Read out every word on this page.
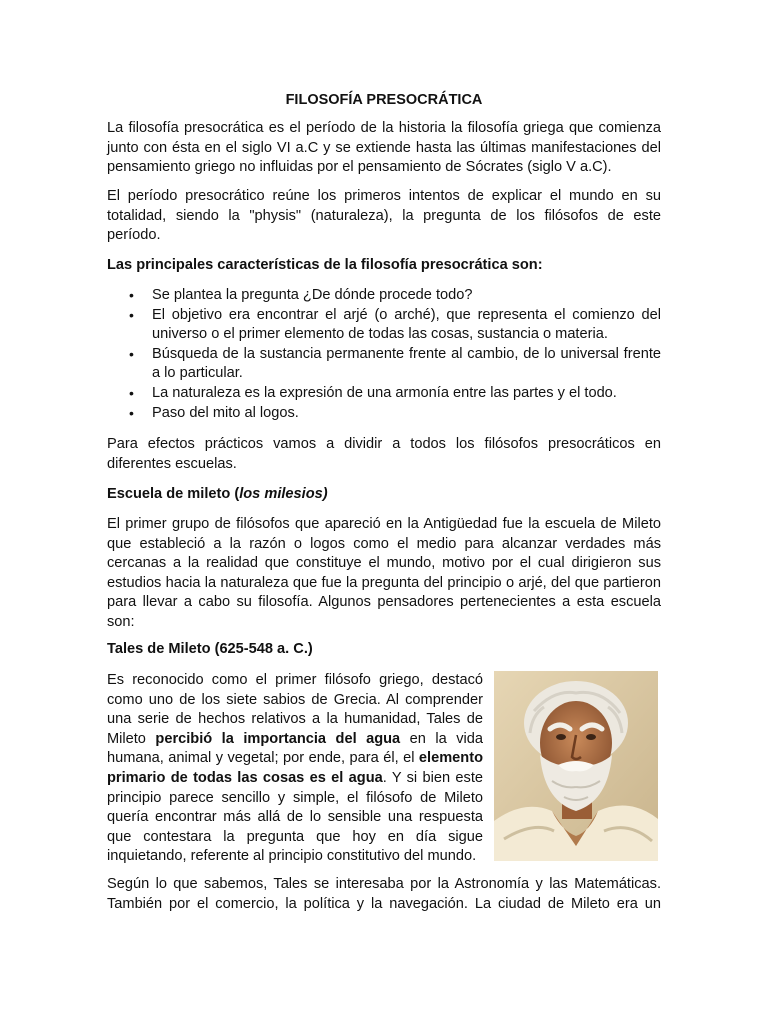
FILOSOFÍA PRESOCRÁTICA
La filosofía presocrática es el período de la historia la filosofía griega que comienza
junto con ésta en el siglo VI a.C y se extiende hasta las últimas manifestaciones del
pensamiento griego no influidas por el pensamiento de Sócrates (siglo V a.C).
El período presocrático reúne los primeros intentos de explicar el mundo en su
totalidad, siendo la "physis" (naturaleza), la pregunta de los filósofos de este
período.
Las principales características de la filosofía presocrática son:
• Se plantea la pregunta ¿De dónde procede todo?
• El objetivo era encontrar el arjé (o arché), que representa el comienzo del
universo o el primer elemento de todas las cosas, sustancia o materia.
• Búsqueda de la sustancia permanente frente al cambio, de lo universal frente
a lo particular.
• La naturaleza es la expresión de una armonía entre las partes y el todo.
• Paso del mito al logos.
Para efectos prácticos vamos a dividir a todos los filósofos presocráticos en
diferentes escuelas.
Escuela de mileto (los milesios)
El primer grupo de filósofos que apareció en la Antigüedad fue la escuela de Mileto
que estableció a la razón o logos como el medio para alcanzar verdades más
cercanas a la realidad que constituye el mundo, motivo por el cual dirigieron sus
estudios hacia la naturaleza que fue la pregunta del principio o arjé, del que partieron
para llevar a cabo su filosofía. Algunos pensadores pertenecientes a esta escuela
son:
Tales de Mileto (625-548 a. C.)
Es reconocido como el primer filósofo griego, destacó
como uno de los siete sabios de Grecia. Al comprender
una serie de hechos relativos a la humanidad, Tales de
Mileto percibió la importancia del agua en la vida
humana, animal y vegetal; por ende, para él, el elemento
primario de todas las cosas es el agua. Y si bien este
principio parece sencillo y simple, el filósofo de Mileto
quería encontrar más allá de lo sensible una respuesta
que contestara la pregunta que hoy en día sigue
inquietando, referente al principio constitutivo del mundo.
Según lo que sabemos, Tales se interesaba por la Astronomía y las Matemáticas.
También por el comercio, la política y la navegación. La ciudad de Mileto era un
